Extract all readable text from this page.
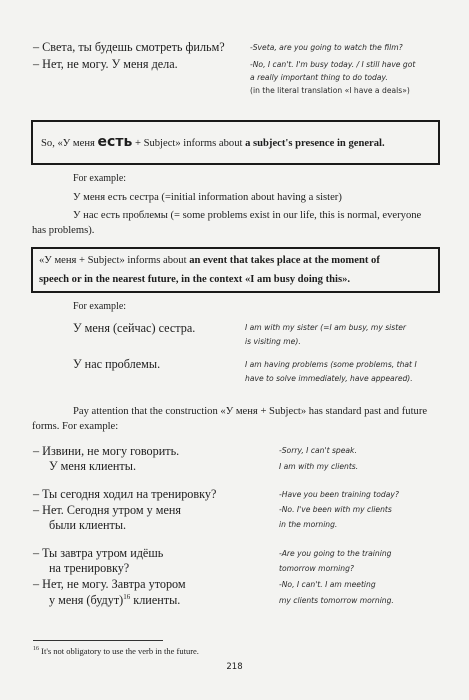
– Света, ты будешь смотреть фильм?
– Нет, не могу. У меня дела.
-Sveta, are you going to watch the film?
-No, I can't. I'm busy today. / I still have got
a really important thing to do today.
(in the literal translation «I have a deals»)
So, «У меня есть + Subject» informs about a subject's presence in general.
For example:
У меня есть сестра (=initial information about having a sister)
У нас есть проблемы (= some problems exist in our life, this is normal, everyone
has problems).
«У меня + Subject» informs about an event that takes place at the moment of
speech or in the nearest future, in the context «I am busy doing this».
For example:
У меня (сейчас) сестра.	I am with my sister (=I am busy, my sister
is visiting me).
У нас проблемы.	I am having problems (some problems, that I
have to solve immediately, have appeared).
Pay attention that the construction «У меня + Subject» has standard past and future
forms. For example:
– Извини, не могу говорить.
У меня клиенты.
-Sorry, I can't speak.
I am with my clients.
– Ты сегодня ходил на тренировку?
– Нет. Сегодня утром у меня
были клиенты.
-Have you been training today?
-No. I've been with my clients
in the morning.
– Ты завтра утром идёшь
на тренировку?
– Нет, не могу. Завтра утором
у меня (будут)$^{16}$ клиенты.
-Are you going to the training
tomorrow morning?
-No, I can't. I am meeting
my clients tomorrow morning.
$^{16}$ It's not obligatory to use the verb in the future.
218
